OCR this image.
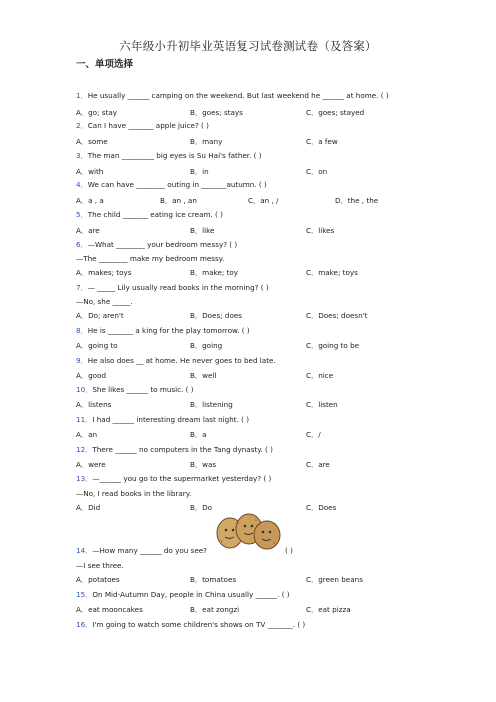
六年级小升初毕业英语复习试卷测试卷（及答案）
一、单项选择
1．He usually ______ camping on the weekend. But last weekend he ______ at home. ( )
A．go; stay	B．goes; stays	C．goes; stayed
2．Can I have _______ apple juice? ( )
A．some	B．many	C．a few
3．The man _________ big eyes is Su Hai's father. ( )
A．with	B．in	C．on
4．We can have ________ outing in _______autumn. ( )
A．a , a	B．an , an	C．an , /	D．the , the
5．The child _______ eating ice cream. ( )
A．are	B．like	C．likes
6．—What ________ your bedroom messy? ( )
—The ________ make my bedroom messy.
A．makes; toys	B．make; toy	C．make; toys
7．— _____ Lily usually read books in the morning? ( )
—No, she _____.
A．Do; aren't	B．Does; does	C．Does; doesn't
8．He is _______ a king for the play tomorrow. ( )
A．going to	B．going	C．going to be
9．He also does __ at home. He never goes to bed late.
A．good	B．well	C．nice
10．She likes ______ to music. ( )
A．listens	B．listening	C．listen
11．I had ______ interesting dream last night. ( )
A．an	B．a	C．/
12．There ______ no computers in the Tang dynasty. ( )
A．were	B．was	C．are
13．—______ you go to the supermarket yesterday? ( )
—No, I read books in the library.
A．Did	B．Do	C．Does
14．—How many ______ do you see?	( )
—I see three.
A．potatoes	B．tomatoes	C．green beans
15．On Mid-Autumn Day, people in China usually ______. ( )
A．eat mooncakes	B．eat zongzi	C．eat pizza
16．I'm going to watch some children's shows on TV _______. ( )
